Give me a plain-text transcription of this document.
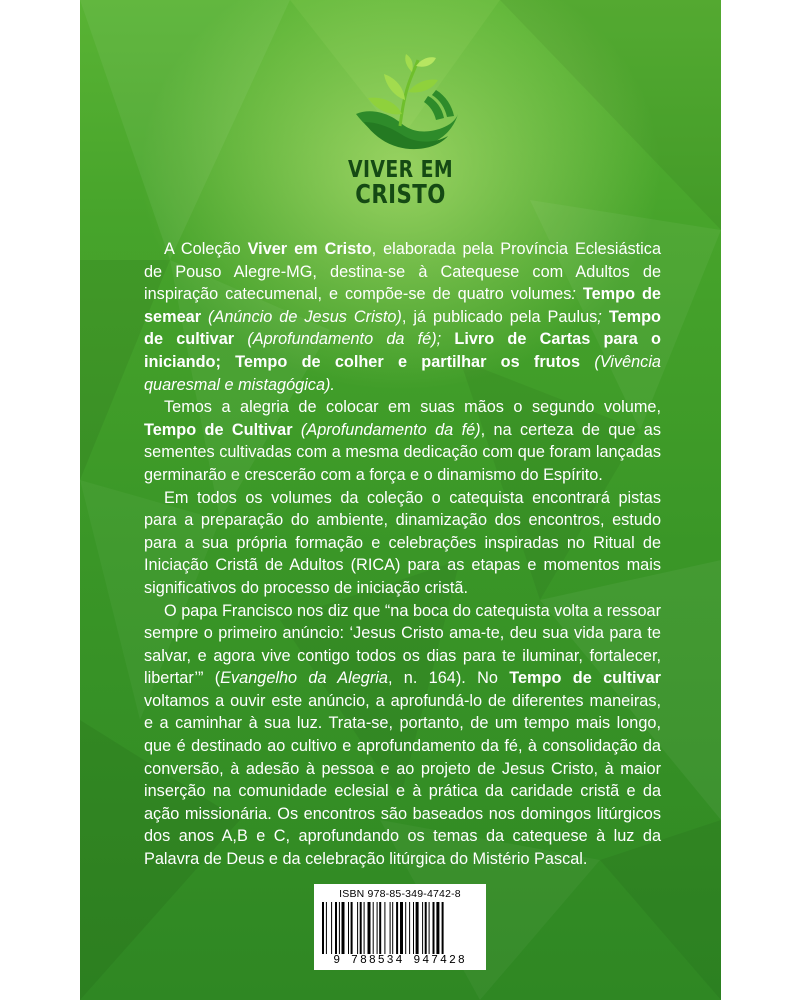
VIVER EM

CRISTO

A Coleção Viver em Cristo, elaborada pela Província Eclesiástica de Pouso Alegre-MG, destina-se à Catequese com Adultos de inspiração catecumenal, e compõe-se de quatro volumes: Tempo de semear (Anúncio de Jesus Cristo), já publicado pela Paulus; Tempo de cultivar (Aprofundamento da fé); Livro de Cartas para o iniciando; Tempo de colher e partilhar os frutos (Vivência quaresmal e mistagógica).

Temos a alegria de colocar em suas mãos o segundo volume, Tempo de Cultivar (Aprofundamento da fé), na certeza de que as sementes cultivadas com a mesma dedicação com que foram lançadas germinarão e crescerão com a força e o dinamismo do Espírito.

Em todos os volumes da coleção o catequista encontrará pistas para a preparação do ambiente, dinamização dos encontros, estudo para a sua própria formação e celebrações inspiradas no Ritual de Iniciação Cristã de Adultos (RICA) para as etapas e momentos mais significativos do processo de iniciação cristã.

O papa Francisco nos diz que “na boca do catequista volta a ressoar sempre o primeiro anúncio: ‘Jesus Cristo ama-te, deu sua vida para te salvar, e agora vive contigo todos os dias para te iluminar, fortalecer, libertar’” (Evangelho da Alegria, n. 164). No Tempo de cultivar voltamos a ouvir este anúncio, a aprofundá-lo de diferentes maneiras, e a caminhar à sua luz. Trata-se, portanto, de um tempo mais longo, que é destinado ao cultivo e aprofundamento da fé, à consolidação da conversão, à adesão à pessoa e ao projeto de Jesus Cristo, à maior inserção na comunidade eclesial e à prática da caridade cristã e da ação missionária. Os encontros são baseados nos domingos litúrgicos dos anos A,B e C, aprofundando os temas da catequese à luz da Palavra de Deus e da celebração litúrgica do Mistério Pascal.

ISBN 978-85-349-4742-8
9 788534 947428
